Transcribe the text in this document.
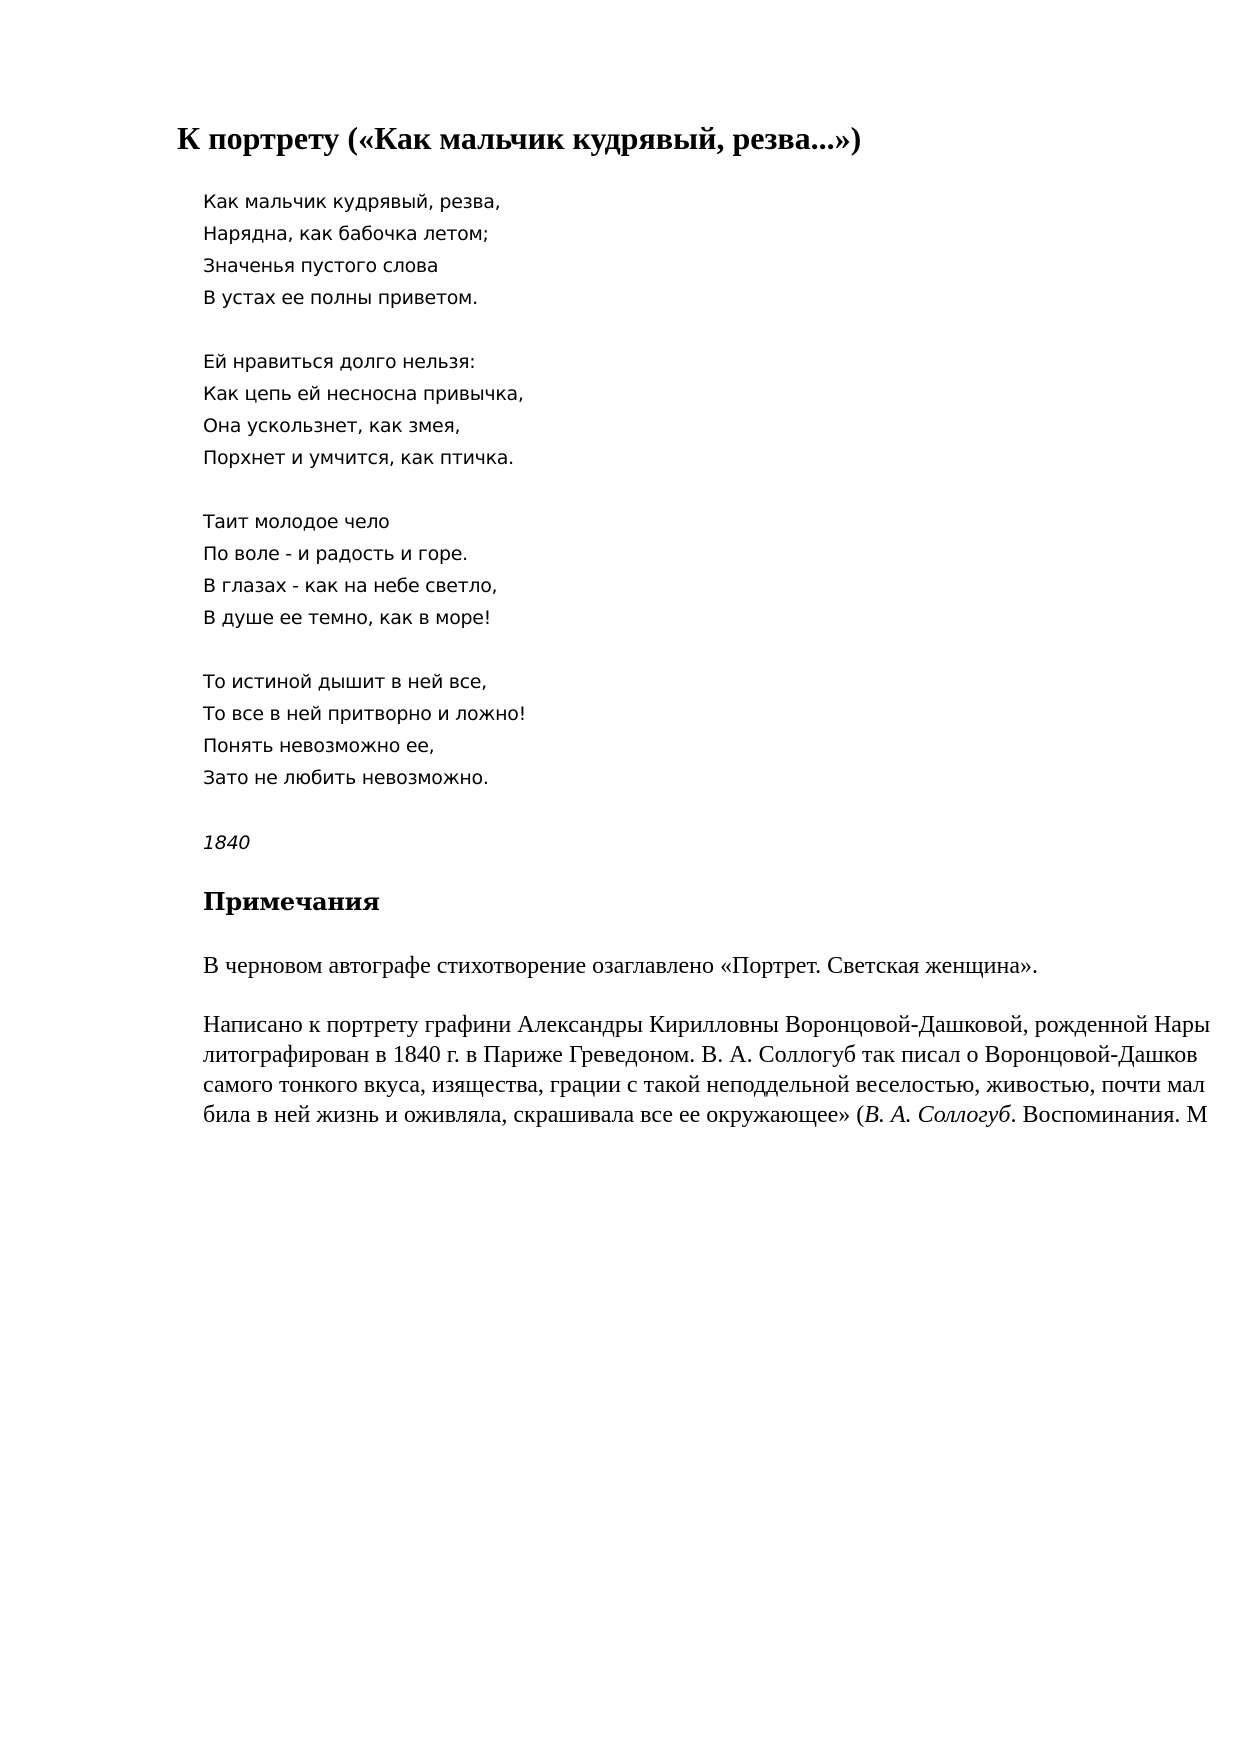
К портрету («Как мальчик кудрявый, резва...»)

Как мальчик кудрявый, резва,
Нарядна, как бабочка летом;
Значенья пустого слова
В устах ее полны приветом.

Ей нравиться долго нельзя:
Как цепь ей несносна привычка,
Она ускользнет, как змея,
Порхнет и умчится, как птичка.

Таит молодое чело
По воле - и радость и горе.
В глазах - как на небе светло,
В душе ее темно, как в море!

То истиной дышит в ней все,
То все в ней притворно и ложно!
Понять невозможно ее,
Зато не любить невозможно.

1840
Примечания

В черновом автографе стихотворение озаглавлено «Портрет. Светская женщина».

Написано к портрету графини Александры Кирилловны Воронцовой-Дашковой, рожденной Нары
литографирован в 1840 г. в Париже Греведоном. В. А. Соллогуб так писал о Воронцовой-Дашков
самого тонкого вкуса, изящества, грации с такой неподдельной веселостью, живостью, почти мал
била в ней жизнь и оживляла, скрашивала все ее окружающее» (В. А. Соллогуб. Воспоминания. М
